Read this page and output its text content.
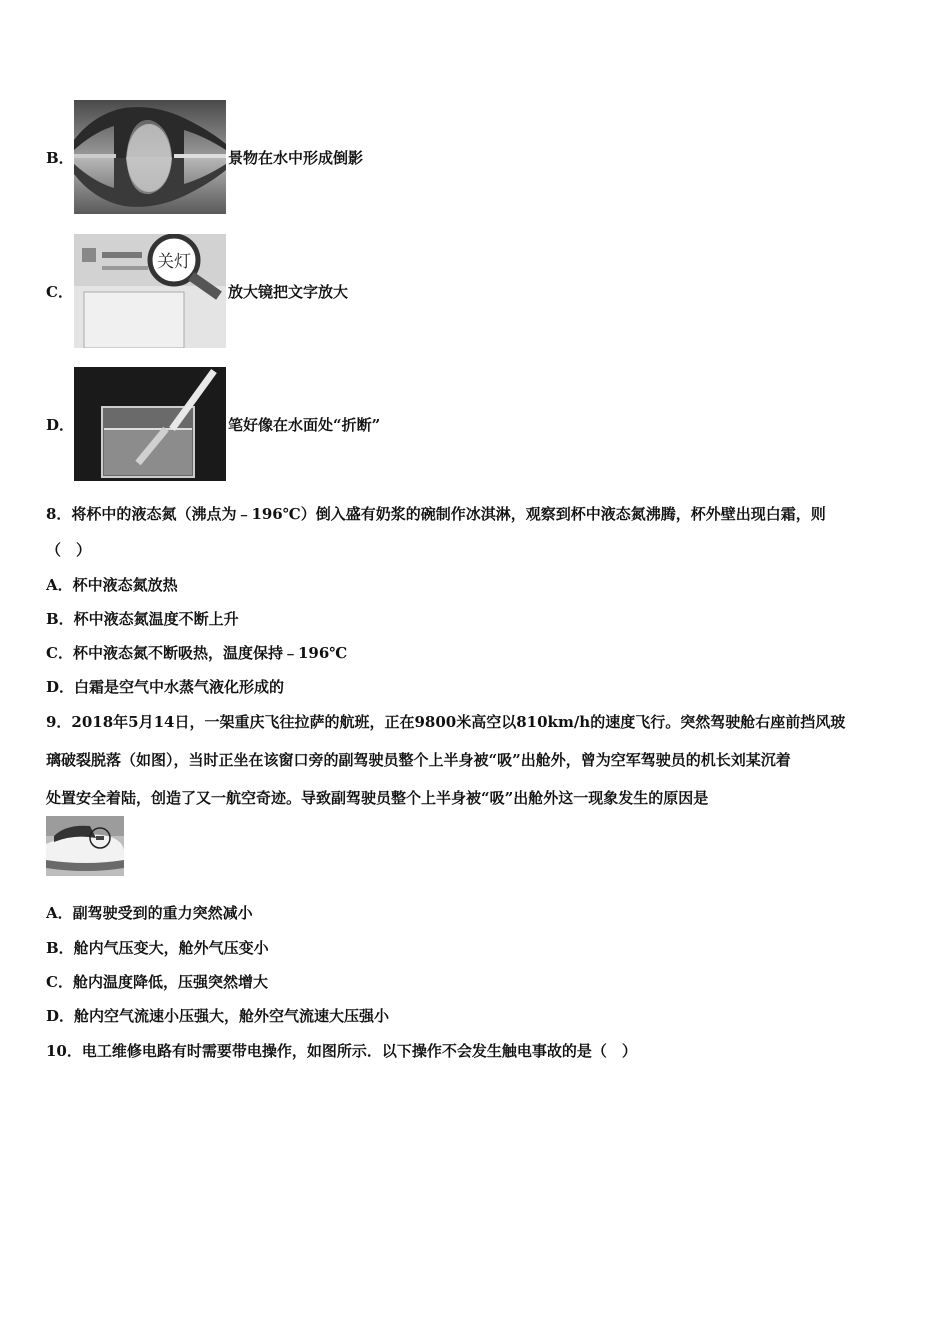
B．	景物在水中形成倒影
C．
关灯
放大镜把文字放大
D．	笔好像在水面处“折断”
8．将杯中的液态氮（沸点为﹣196℃）倒入盛有奶浆的碗制作冰淇淋，观察到杯中液态氮沸腾，杯外壁出现白霜，则
（　）
A．杯中液态氮放热
B．杯中液态氮温度不断上升
C．杯中液态氮不断吸热，温度保持﹣196℃
D．白霜是空气中水蒸气液化形成的
9．2018年5月14日，一架重庆飞往拉萨的航班，正在9800米高空以810km/h的速度飞行。突然驾驶舱右座前挡风玻
璃破裂脱落（如图），当时正坐在该窗口旁的副驾驶员整个上半身被“吸”出舱外，曾为空军驾驶员的机长刘某沉着
处置安全着陆，创造了又一航空奇迹。导致副驾驶员整个上半身被“吸”出舱外这一现象发生的原因是
A．副驾驶受到的重力突然减小
B．舱内气压变大，舱外气压变小
C．舱内温度降低，压强突然增大
D．舱内空气流速小压强大，舱外空气流速大压强小
10．电工维修电路有时需要带电操作，如图所示．以下操作不会发生触电事故的是（　）
